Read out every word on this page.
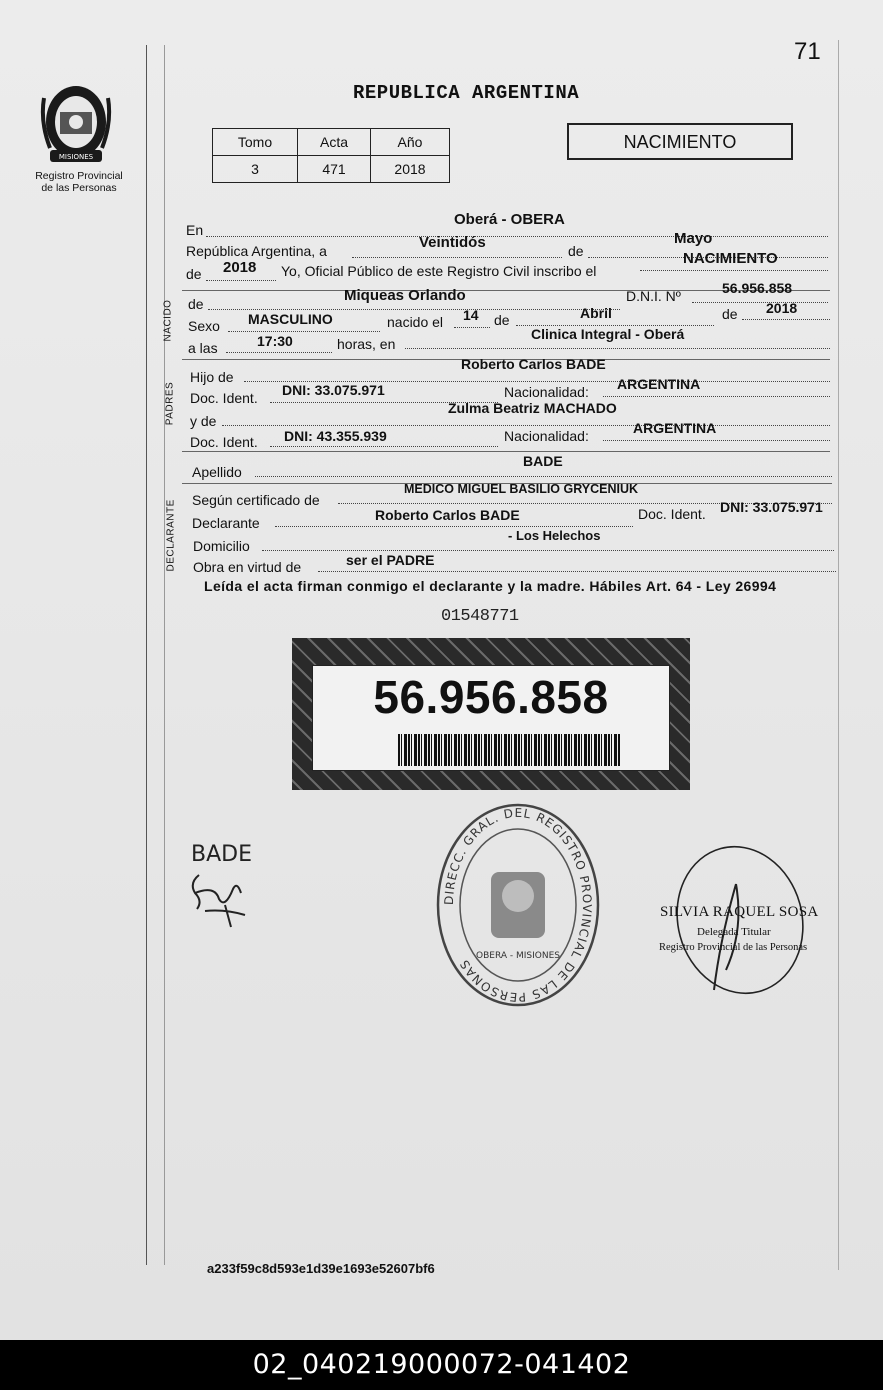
71
MISIONES
Registro Provincial
de las Personas
REPUBLICA ARGENTINA
Tomo	Acta	Año
3	471	2018
NACIMIENTO
En
Oberá - OBERA
República Argentina, a	Veintidós	de
Mayo
de 2018 Yo, Oficial Público de este Registro Civil inscribo el
NACIMIENTO
NACIDO de	Miqueas Orlando	D.N.I. Nº	56.956.858
Sexo MASCULINO	nacido el 14 de	Abril	de 2018
a las	17:30	horas, en
Clinica Integral - Oberá
PADRES
Hijo de
Roberto Carlos BADE
Doc. Ident. DNI: 33.075.971	Nacionalidad: ARGENTINA
y de
Zulma Beatriz MACHADO
Doc. Ident. DNI: 43.355.939	Nacionalidad:	ARGENTINA
Apellido
BADE
DECLARANTE Según certificado de
MEDICO MIGUEL BASILIO GRYCENIUK
Declarante	Roberto Carlos BADE	Doc. Ident. DNI: 33.075.971
Domicilio
- Los Helechos
Obra en virtud de	ser el PADRE
Leída el acta firman conmigo el declarante y la madre. Hábiles Art. 64 - Ley 26994
01548771
56.956.858
BADE
DIRECC. GRAL. DEL REGISTRO PROVINCIAL DE LAS PERSONAS
OBERA - MISIONES
SILVIA RAQUEL SOSA
Delegada Titular
Registro Provincial de las Personas
a233f59c8d593e1d39e1693e52607bf6
02_040219000072-041402
